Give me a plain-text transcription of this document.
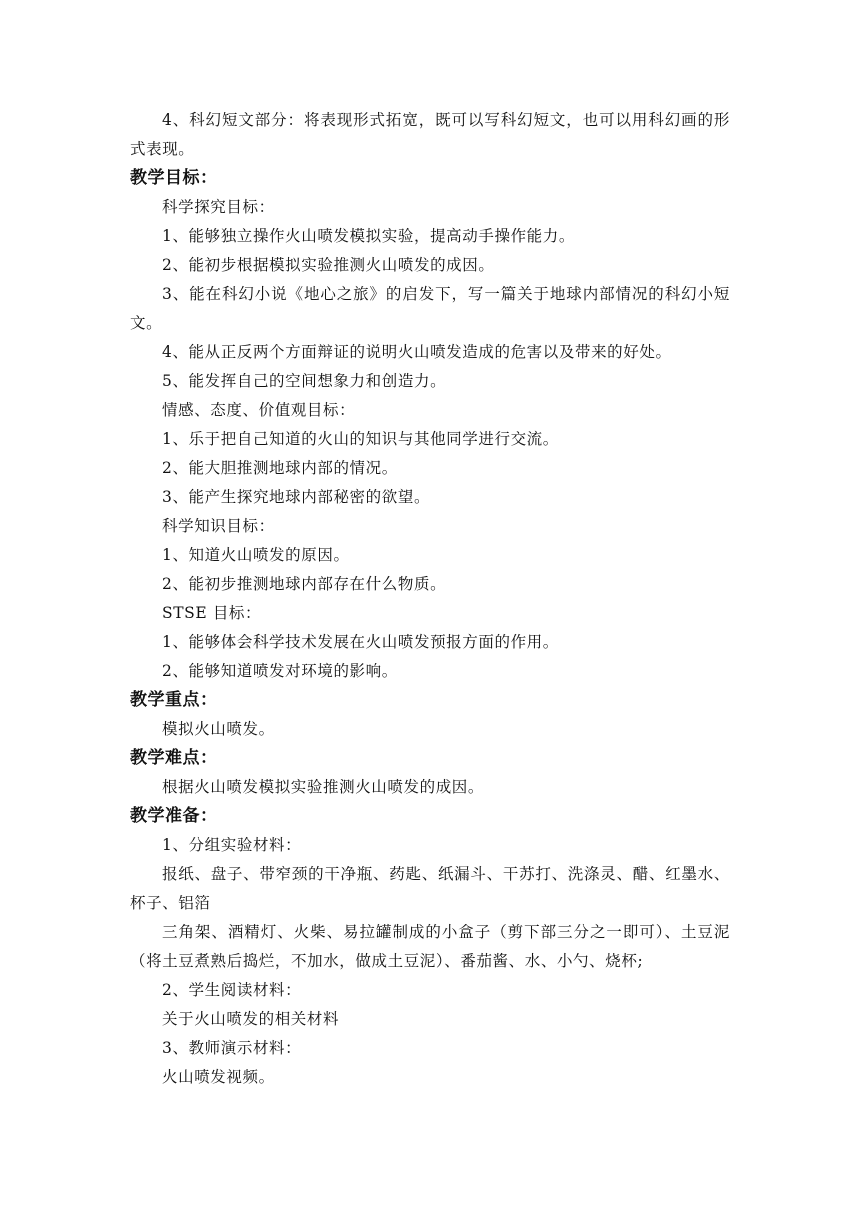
4、科幻短文部分：将表现形式拓宽，既可以写科幻短文，也可以用科幻画的形式表现。

教学目标：

科学探究目标：

1、能够独立操作火山喷发模拟实验，提高动手操作能力。

2、能初步根据模拟实验推测火山喷发的成因。

3、能在科幻小说《地心之旅》的启发下，写一篇关于地球内部情况的科幻小短文。

4、能从正反两个方面辩证的说明火山喷发造成的危害以及带来的好处。

5、能发挥自己的空间想象力和创造力。

情感、态度、价值观目标：

1、乐于把自己知道的火山的知识与其他同学进行交流。

2、能大胆推测地球内部的情况。

3、能产生探究地球内部秘密的欲望。

科学知识目标：

1、知道火山喷发的原因。

2、能初步推测地球内部存在什么物质。

STSE 目标：

1、能够体会科学技术发展在火山喷发预报方面的作用。

2、能够知道喷发对环境的影响。

教学重点：

模拟火山喷发。

教学难点：

根据火山喷发模拟实验推测火山喷发的成因。

教学准备：

1、分组实验材料：

报纸、盘子、带窄颈的干净瓶、药匙、纸漏斗、干苏打、洗涤灵、醋、红墨水、杯子、铝箔

三角架、酒精灯、火柴、易拉罐制成的小盒子（剪下部三分之一即可）、土豆泥（将土豆煮熟后捣烂，不加水，做成土豆泥）、番茄酱、水、小勺、烧杯;

2、学生阅读材料：

关于火山喷发的相关材料

3、教师演示材料：

火山喷发视频。
